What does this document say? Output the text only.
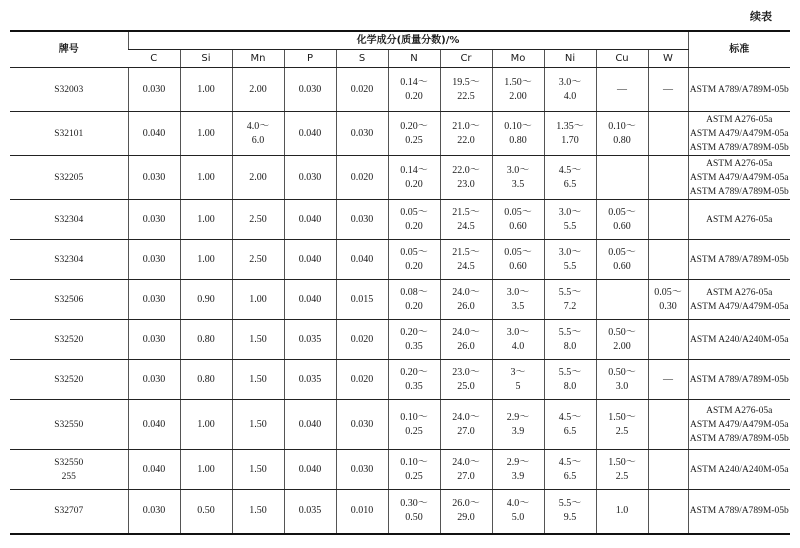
续表
牌号	化学成分(质量分数)/%											标准
	C	Si	Mn	P	S	N	Cr	Mo	Ni	Cu	W	

S32003	0.030	1.00	2.00	0.030	0.020	0.14～
0.20	19.5～
22.5	1.50～
2.00	3.0～
4.0	—	—	ASTM A789/A789M-05b

S32101	0.040	1.00	4.0～
6.0	0.040	0.030	0.20～
0.25	21.0～
22.0	0.10～
0.80	1.35～
1.70	0.10～
0.80		ASTM A276-05a
ASTM A479/A479M-05a
ASTM A789/A789M-05b

S32205	0.030	1.00	2.00	0.030	0.020	0.14～
0.20	22.0～
23.0	3.0～
3.5	4.5～
6.5			ASTM A276-05a
ASTM A479/A479M-05a
ASTM A789/A789M-05b

S32304	0.030	1.00	2.50	0.040	0.030	0.05～
0.20	21.5～
24.5	0.05～
0.60	3.0～
5.5	0.05～
0.60		ASTM A276-05a

S32304	0.030	1.00	2.50	0.040	0.040	0.05～
0.20	21.5～
24.5	0.05～
0.60	3.0～
5.5	0.05～
0.60		ASTM A789/A789M-05b

S32506	0.030	0.90	1.00	0.040	0.015	0.08～
0.20	24.0～
26.0	3.0～
3.5	5.5～
7.2		0.05～
0.30	ASTM A276-05a
ASTM A479/A479M-05a

S32520	0.030	0.80	1.50	0.035	0.020	0.20～
0.35	24.0～
26.0	3.0～
4.0	5.5～
8.0	0.50～
2.00		ASTM A240/A240M-05a

S32520	0.030	0.80	1.50	0.035	0.020	0.20～
0.35	23.0～
25.0	3～
5	5.5～
8.0	0.50～
3.0	—	ASTM A789/A789M-05b

S32550	0.040	1.00	1.50	0.040	0.030	0.10～
0.25	24.0～
27.0	2.9～
3.9	4.5～
6.5	1.50～
2.5		ASTM A276-05a
ASTM A479/A479M-05a
ASTM A789/A789M-05b

S32550
255	0.040	1.00	1.50	0.040	0.030	0.10～
0.25	24.0～
27.0	2.9～
3.9	4.5～
6.5	1.50～
2.5		ASTM A240/A240M-05a

S32707	0.030	0.50	1.50	0.035	0.010	0.30～
0.50	26.0～
29.0	4.0～
5.0	5.5～
9.5	1.0		ASTM A789/A789M-05b
